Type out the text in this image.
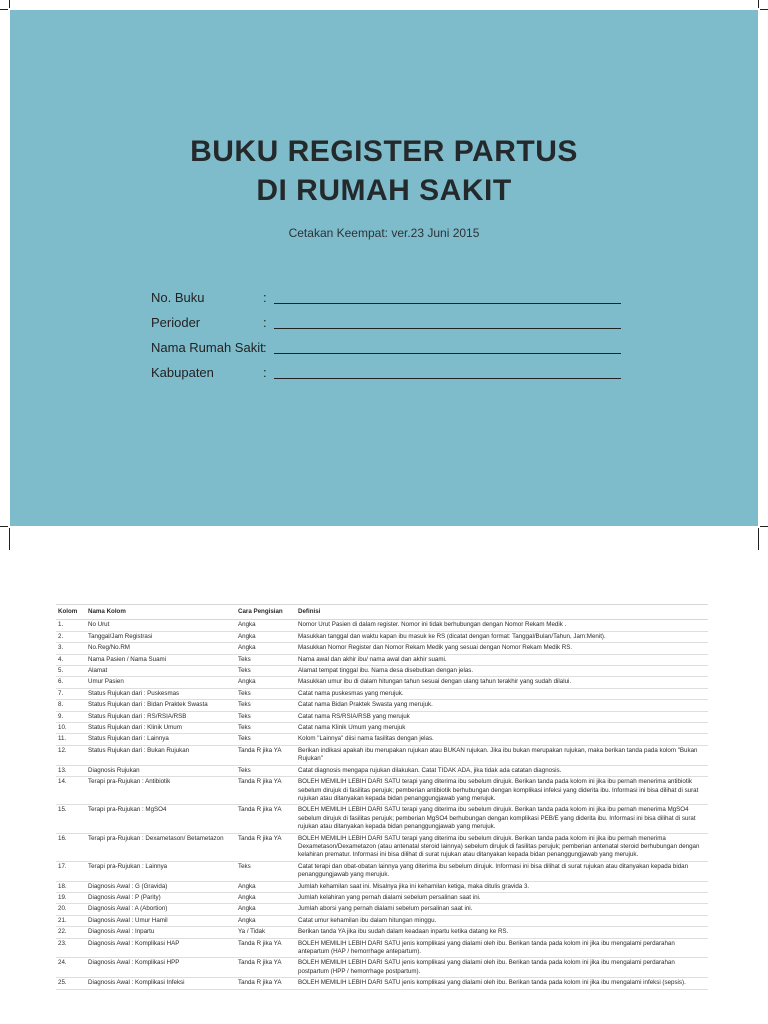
BUKU REGISTER PARTUS
DI RUMAH SAKIT

Cetakan Keempat: ver.23 Juni 2015

No. Buku	:
Perioder	:
Nama Rumah Sakit :
Kabupaten	:
Kolom	Nama Kolom	Cara Pengisian	Definisi
1.	No Urut	Angka	Nomor Urut Pasien di dalam register. Nomor ini tidak berhubungan dengan Nomor Rekam Medik .
2.	Tanggal/Jam Registrasi	Angka	Masukkan tanggal dan waktu kapan ibu masuk ke RS (dicatat dengan format: Tanggal/Bulan/Tahun, Jam:Menit).
3.	No.Reg/No.RM	Angka	Masukkan Nomor Register dan Nomor Rekam Medik yang sesuai dengan Nomor Rekam Medik RS.
4.	Nama Pasien / Nama Suami	Teks	Nama awal dan akhir ibu/ nama awal dan akhir suami.
5.	Alamat	Teks	Alamat tempat tinggal ibu. Nama desa disebutkan dengan jelas.
6.	Umur Pasien	Angka	Masukkan umur ibu di dalam hitungan tahun sesuai dengan ulang tahun terakhir yang sudah dilalui.
7.	Status Rujukan dari : Puskesmas	Teks	Catat nama puskesmas yang merujuk.
8.	Status Rujukan dari : Bidan Praktek Swasta	Teks	Catat nama Bidan Praktek Swasta yang merujuk.
9.	Status Rujukan dari : RS/RSIA/RSB	Teks	Catat nama RS/RSIA/RSB yang merujuk
10.	Status Rujukan dari : Klinik Umum	Teks	Catat nama Klinik Umum yang merujuk
11.	Status Rujukan dari : Lainnya	Teks	Kolom "Lainnya" diisi nama fasilitas dengan jelas.
12.	Status Rujukan dari : Bukan Rujukan	Tanda R jika YA	Berikan indikasi apakah ibu merupakan rujukan atau BUKAN rujukan. Jika ibu bukan merupakan rujukan, maka berikan tanda pada kolom "Bukan Rujukan"
13.	Diagnosis Rujukan	Teks	Catat diagnosis mengapa rujukan dilakukan. Catat TIDAK ADA, jika tidak ada catatan diagnosis.
14.	Terapi pra-Rujukan : Antibiotik	Tanda R jika YA	BOLEH MEMILIH LEBIH DARI SATU terapi yang diterima ibu sebelum dirujuk. Berikan tanda pada kolom ini jika ibu pernah menerima antibiotik sebelum dirujuk di fasilitas perujuk; pemberian antibiotik berhubungan dengan komplikasi infeksi yang diderita ibu. Informasi ini bisa dilihat di surat rujukan atau ditanyakan kepada bidan penanggungjawab yang merujuk.
15.	Terapi pra-Rujukan : MgSO4	Tanda R jika YA	BOLEH MEMILIH LEBIH DARI SATU terapi yang diterima ibu sebelum dirujuk. Berikan tanda pada kolom ini jika ibu pernah menerima MgSO4 sebelum dirujuk di fasilitas perujuk; pemberian MgSO4 berhubungan dengan komplikasi PEB/E yang diderita ibu. Informasi ini bisa dilihat di surat rujukan atau ditanyakan kepada bidan penanggungjawab yang merujuk.
16.	Terapi pra-Rujukan : Dexametason/ Betametazon	Tanda R jika YA	BOLEH MEMILIH LEBIH DARI SATU terapi yang diterima ibu sebelum dirujuk. Berikan tanda pada kolom ini jika ibu pernah menerima Dexametason/Dexametazon (atau antenatal steroid lainnya) sebelum dirujuk di fasilitas perujuk; pemberian antenatal steroid berhubungan dengan kelahiran prematur. Informasi ini bisa dilihat di surat rujukan atau ditanyakan kepada bidan penanggungjawab yang merujuk.
17.	Terapi pra-Rujukan : Lainnya	Teks	Catat terapi dan obat-obatan lainnya yang diterima ibu sebelum dirujuk. Informasi ini bisa dilihat di surat rujukan atau ditanyakan kepada bidan penanggungjawab yang merujuk.
18.	Diagnosis Awal : G (Gravida)	Angka	Jumlah kehamilan saat ini. Misalnya jika ini kehamilan ketiga, maka ditulis gravida 3.
19.	Diagnosis Awal : P (Parity)	Angka	Jumlah kelahiran yang pernah dialami sebelum persalinan saat ini.
20.	Diagnosis Awal : A (Abortion)	Angka	Jumlah aborsi yang pernah dialami sebelum persalinan saat ini.
21.	Diagnosis Awal : Umur Hamil	Angka	Catat umur kehamilan ibu dalam hitungan minggu.
22.	Diagnosis Awal : Inpartu	Ya / Tidak	Berikan tanda YA jika ibu sudah dalam keadaan inpartu ketika datang ke RS.
23.	Diagnosis Awal : Komplikasi HAP	Tanda R jika YA	BOLEH MEMILIH LEBIH DARI SATU jenis komplikasi yang dialami oleh ibu. Berikan tanda pada kolom ini jika ibu mengalami perdarahan antepartum (HAP / hemorrhage antepartum).
24.	Diagnosis Awal : Komplikasi HPP	Tanda R jika YA	BOLEH MEMILIH LEBIH DARI SATU jenis komplikasi yang dialami oleh ibu. Berikan tanda pada kolom ini jika ibu mengalami perdarahan postpartum (HPP / hemorrhage postpartum).
25.	Diagnosis Awal : Komplikasi Infeksi	Tanda R jika YA	BOLEH MEMILIH LEBIH DARI SATU jenis komplikasi yang dialami oleh ibu. Berikan tanda pada kolom ini jika ibu mengalami infeksi (sepsis).
